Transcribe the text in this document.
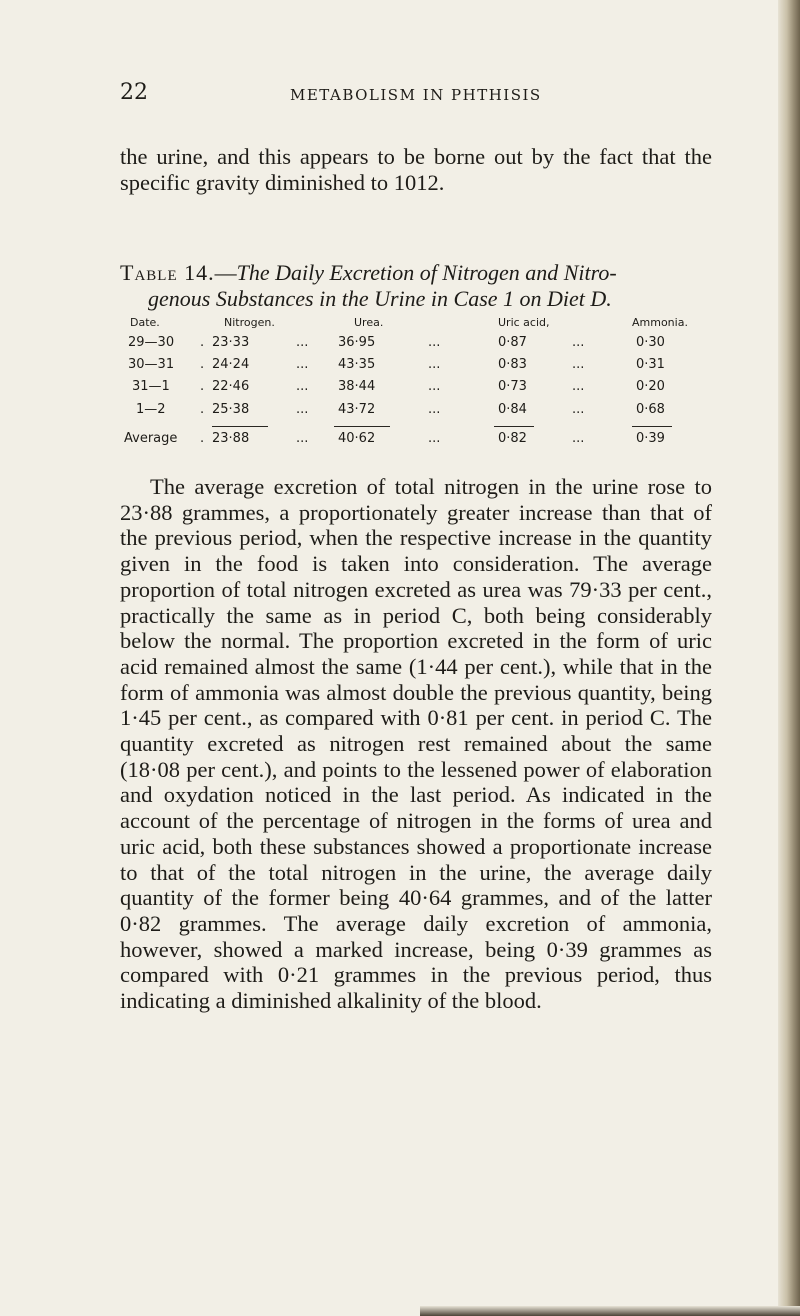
22	METABOLISM IN PHTHISIS
the urine, and this appears to be borne out by the fact that the specific gravity diminished to 1012.
Table 14.—The Daily Excretion of Nitrogen and Nitro-
genous Substances in the Urine in Case 1 on Diet D.
Date.	Nitrogen.	Urea.	Uric acid,	Ammonia.
29—30 . 23·33	... 36·95	...	0·87	...	0·30
30—31 . 24·24	... 43·35	...	0·83	...	0·31
31—1 . 22·46	... 38·44	...	0·73	...	0·20
1—2	. 25·38	... 43·72	...	0·84	...	0·68
Average . 23·88	... 40·62	...	0·82	...	0·39
The average excretion of total nitrogen in the urine rose to 23·88 grammes, a proportionately greater increase than that of the previous period, when the respective increase in the quantity given in the food is taken into consideration. The average proportion of total nitrogen excreted as urea was 79·33 per cent., practically the same as in period C, both being considerably below the normal. The proportion excreted in the form of uric acid remained almost the same (1·44 per cent.), while that in the form of ammonia was almost double the previous quantity, being 1·45 per cent., as compared with 0·81 per cent. in period C. The quantity excreted as nitrogen rest remained about the same (18·08 per cent.), and points to the lessened power of elaboration and oxydation noticed in the last period. As indicated in the account of the percentage of nitrogen in the forms of urea and uric acid, both these substances showed a proportionate increase to that of the total nitrogen in the urine, the average daily quantity of the former being 40·64 grammes, and of the latter 0·82 grammes. The average daily excretion of ammonia, however, showed a marked increase, being 0·39 grammes as compared with 0·21 grammes in the previous period, thus indicating a diminished alkalinity of the blood.
